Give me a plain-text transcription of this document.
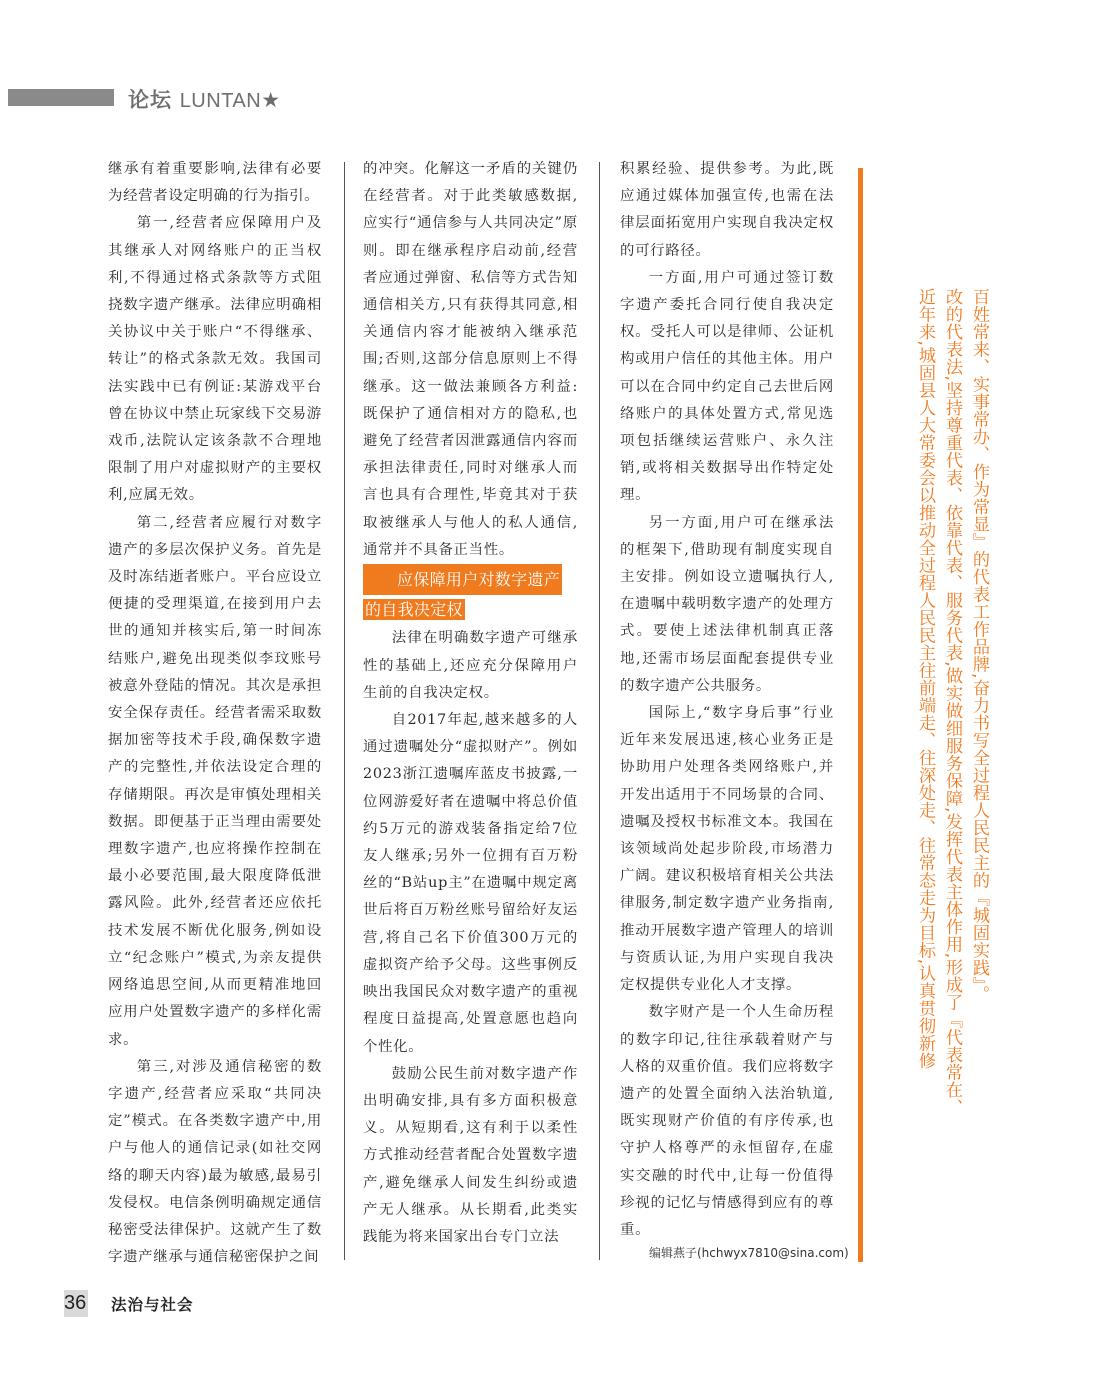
论坛 LUNTAN★

继承有着重要影响,法律有必要为经营者设定明确的行为指引。

第一,经营者应保障用户及其继承人对网络账户的正当权利,不得通过格式条款等方式阻挠数字遗产继承。法律应明确相关协议中关于账户“不得继承、转让”的格式条款无效。我国司法实践中已有例证:某游戏平台曾在协议中禁止玩家线下交易游戏币,法院认定该条款不合理地限制了用户对虚拟财产的主要权利,应属无效。

第二,经营者应履行对数字遗产的多层次保护义务。首先是及时冻结逝者账户。平台应设立便捷的受理渠道,在接到用户去世的通知并核实后,第一时间冻结账户,避免出现类似李玟账号被意外登陆的情况。其次是承担安全保存责任。经营者需采取数据加密等技术手段,确保数字遗产的完整性,并依法设定合理的存储期限。再次是审慎处理相关数据。即便基于正当理由需要处理数字遗产,也应将操作控制在最小必要范围,最大限度降低泄露风险。此外,经营者还应依托技术发展不断优化服务,例如设立“纪念账户”模式,为亲友提供网络追思空间,从而更精准地回应用户处置数字遗产的多样化需求。

第三,对涉及通信秘密的数字遗产,经营者应采取“共同决定”模式。在各类数字遗产中,用户与他人的通信记录(如社交网络的聊天内容)最为敏感,最易引发侵权。电信条例明确规定通信秘密受法律保护。这就产生了数字遗产继承与通信秘密保护之间

的冲突。化解这一矛盾的关键仍在经营者。对于此类敏感数据,应实行“通信参与人共同决定”原则。即在继承程序启动前,经营者应通过弹窗、私信等方式告知通信相关方,只有获得其同意,相关通信内容才能被纳入继承范围;否则,这部分信息原则上不得继承。这一做法兼顾各方利益:既保护了通信相对方的隐私,也避免了经营者因泄露通信内容而承担法律责任,同时对继承人而言也具有合理性,毕竟其对于获取被继承人与他人的私人通信,通常并不具备正当性。

应保障用户对数字遗产
的自我决定权

法律在明确数字遗产可继承性的基础上,还应充分保障用户生前的自我决定权。

自2017年起,越来越多的人通过遗嘱处分“虚拟财产”。例如2023浙江遗嘱库蓝皮书披露,一位网游爱好者在遗嘱中将总价值约5万元的游戏装备指定给7位友人继承;另外一位拥有百万粉丝的“B站up主”在遗嘱中规定离世后将百万粉丝账号留给好友运营,将自己名下价值300万元的虚拟资产给予父母。这些事例反映出我国民众对数字遗产的重视程度日益提高,处置意愿也趋向个性化。

鼓励公民生前对数字遗产作出明确安排,具有多方面积极意义。从短期看,这有利于以柔性方式推动经营者配合处置数字遗产,避免继承人间发生纠纷或遗产无人继承。从长期看,此类实践能为将来国家出台专门立法

积累经验、提供参考。为此,既应通过媒体加强宣传,也需在法律层面拓宽用户实现自我决定权的可行路径。

一方面,用户可通过签订数字遗产委托合同行使自我决定权。受托人可以是律师、公证机构或用户信任的其他主体。用户可以在合同中约定自己去世后网络账户的具体处置方式,常见选项包括继续运营账户、永久注销,或将相关数据导出作特定处理。

另一方面,用户可在继承法的框架下,借助现有制度实现自主安排。例如设立遗嘱执行人,在遗嘱中载明数字遗产的处理方式。要使上述法律机制真正落地,还需市场层面配套提供专业的数字遗产公共服务。

国际上,“数字身后事”行业近年来发展迅速,核心业务正是协助用户处理各类网络账户,并开发出适用于不同场景的合同、遗嘱及授权书标准文本。我国在该领域尚处起步阶段,市场潜力广阔。建议积极培育相关公共法律服务,制定数字遗产业务指南,推动开展数字遗产管理人的培训与资质认证,为用户实现自我决定权提供专业化人才支撑。

数字财产是一个人生命历程的数字印记,往往承载着财产与人格的双重价值。我们应将数字遗产的处置全面纳入法治轨道,既实现财产价值的有序传承,也守护人格尊严的永恒留存,在虚实交融的时代中,让每一份值得珍视的记忆与情感得到应有的尊重。

编辑燕子(hchwyx7810@sina.com)
百姓常来、实事常办、作为常显』的代表工作品牌,奋力书写全过程人民民主的『城固实践』。
改的代表法,坚持尊重代表、依靠代表、服务代表,做实做细服务保障,发挥代表主体作用,形成了『代表常在、
近年来,城固县人大常委会以推动全过程人民民主往前端走、往深处走、往常态走为目标,认真贯彻新修
36 法治与社会
